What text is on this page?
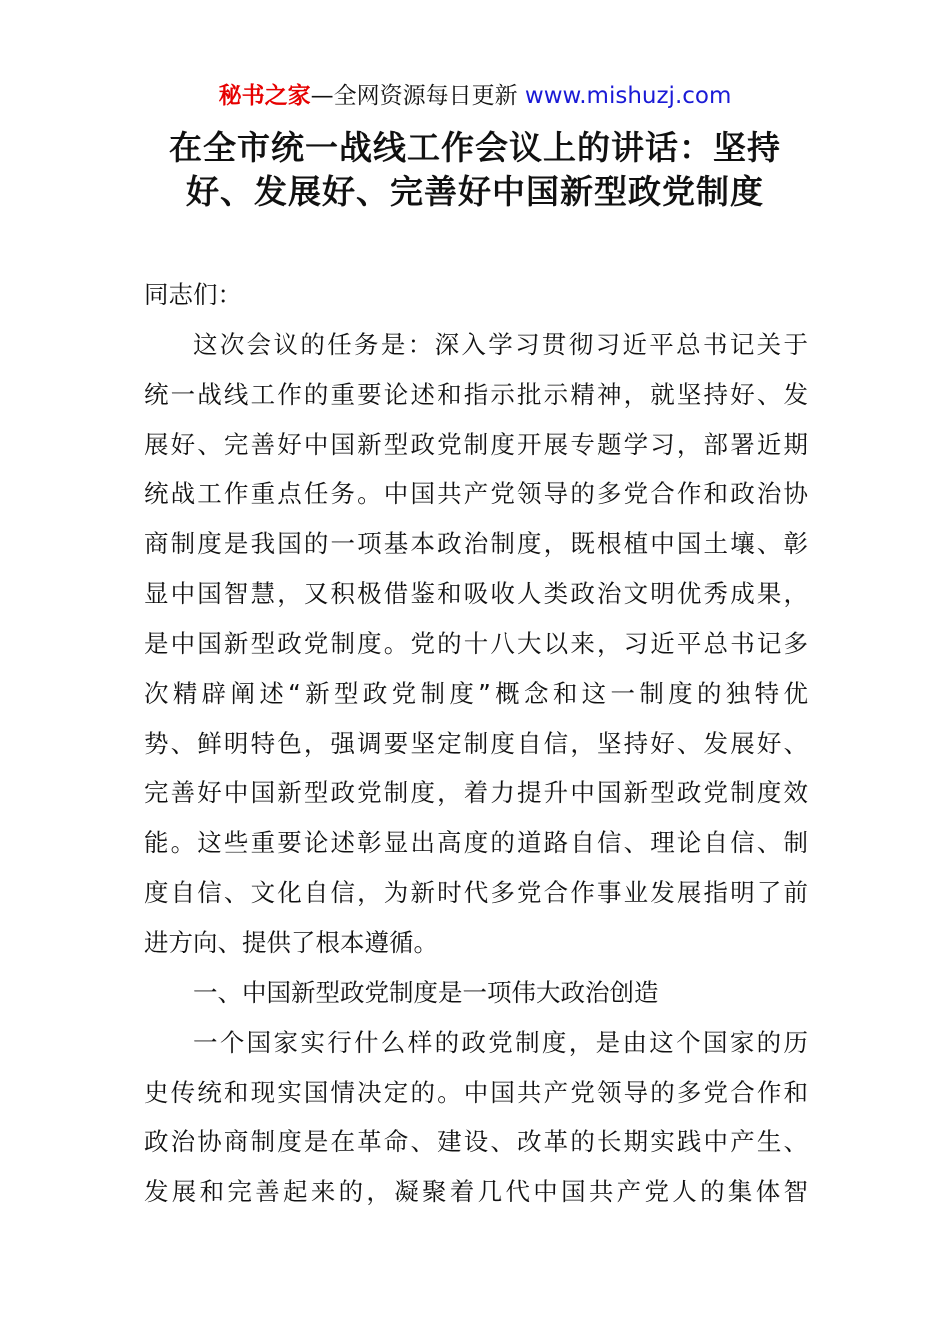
秘书之家—全网资源每日更新 www.mishuzj.com
在全市统一战线工作会议上的讲话：坚持
好、发展好、完善好中国新型政党制度
同志们：
这次会议的任务是：深入学习贯彻习近平总书记关于
统一战线工作的重要论述和指示批示精神，就坚持好、发
展好、完善好中国新型政党制度开展专题学习，部署近期
统战工作重点任务。中国共产党领导的多党合作和政治协
商制度是我国的一项基本政治制度，既根植中国土壤、彰
显中国智慧，又积极借鉴和吸收人类政治文明优秀成果，
是中国新型政党制度。党的十八大以来，习近平总书记多
次精辟阐述“新型政党制度”概念和这一制度的独特优
势、鲜明特色，强调要坚定制度自信，坚持好、发展好、
完善好中国新型政党制度，着力提升中国新型政党制度效
能。这些重要论述彰显出高度的道路自信、理论自信、制
度自信、文化自信，为新时代多党合作事业发展指明了前
进方向、提供了根本遵循。
一、中国新型政党制度是一项伟大政治创造
一个国家实行什么样的政党制度，是由这个国家的历
史传统和现实国情决定的。中国共产党领导的多党合作和
政治协商制度是在革命、建设、改革的长期实践中产生、
发展和完善起来的，凝聚着几代中国共产党人的集体智
